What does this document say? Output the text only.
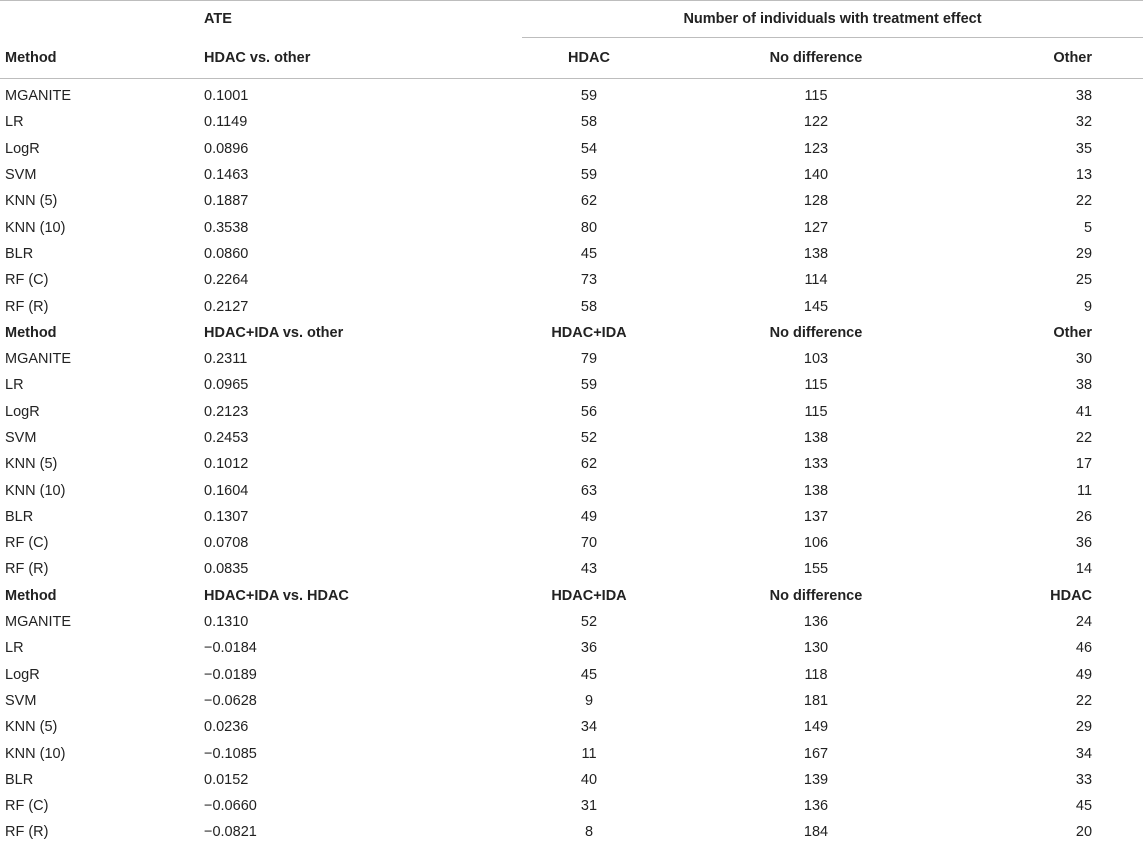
	ATE	Number of individuals with treatment effect		
Method	HDAC vs. other	HDAC	No difference	Other
MGANITE	0.1001	59	115	38
LR	0.1149	58	122	32
LogR	0.0896	54	123	35
SVM	0.1463	59	140	13
KNN (5)	0.1887	62	128	22
KNN (10)	0.3538	80	127	5
BLR	0.0860	45	138	29
RF (C)	0.2264	73	114	25
RF (R)	0.2127	58	145	9
Method	HDAC+IDA vs. other	HDAC+IDA	No difference	Other
MGANITE	0.2311	79	103	30
LR	0.0965	59	115	38
LogR	0.2123	56	115	41
SVM	0.2453	52	138	22
KNN (5)	0.1012	62	133	17
KNN (10)	0.1604	63	138	11
BLR	0.1307	49	137	26
RF (C)	0.0708	70	106	36
RF (R)	0.0835	43	155	14
Method	HDAC+IDA vs. HDAC	HDAC+IDA	No difference	HDAC
MGANITE	0.1310	52	136	24
LR	−0.0184	36	130	46
LogR	−0.0189	45	118	49
SVM	−0.0628	9	181	22
KNN (5)	0.0236	34	149	29
KNN (10)	−0.1085	11	167	34
BLR	0.0152	40	139	33
RF (C)	−0.0660	31	136	45
RF (R)	−0.0821	8	184	20
